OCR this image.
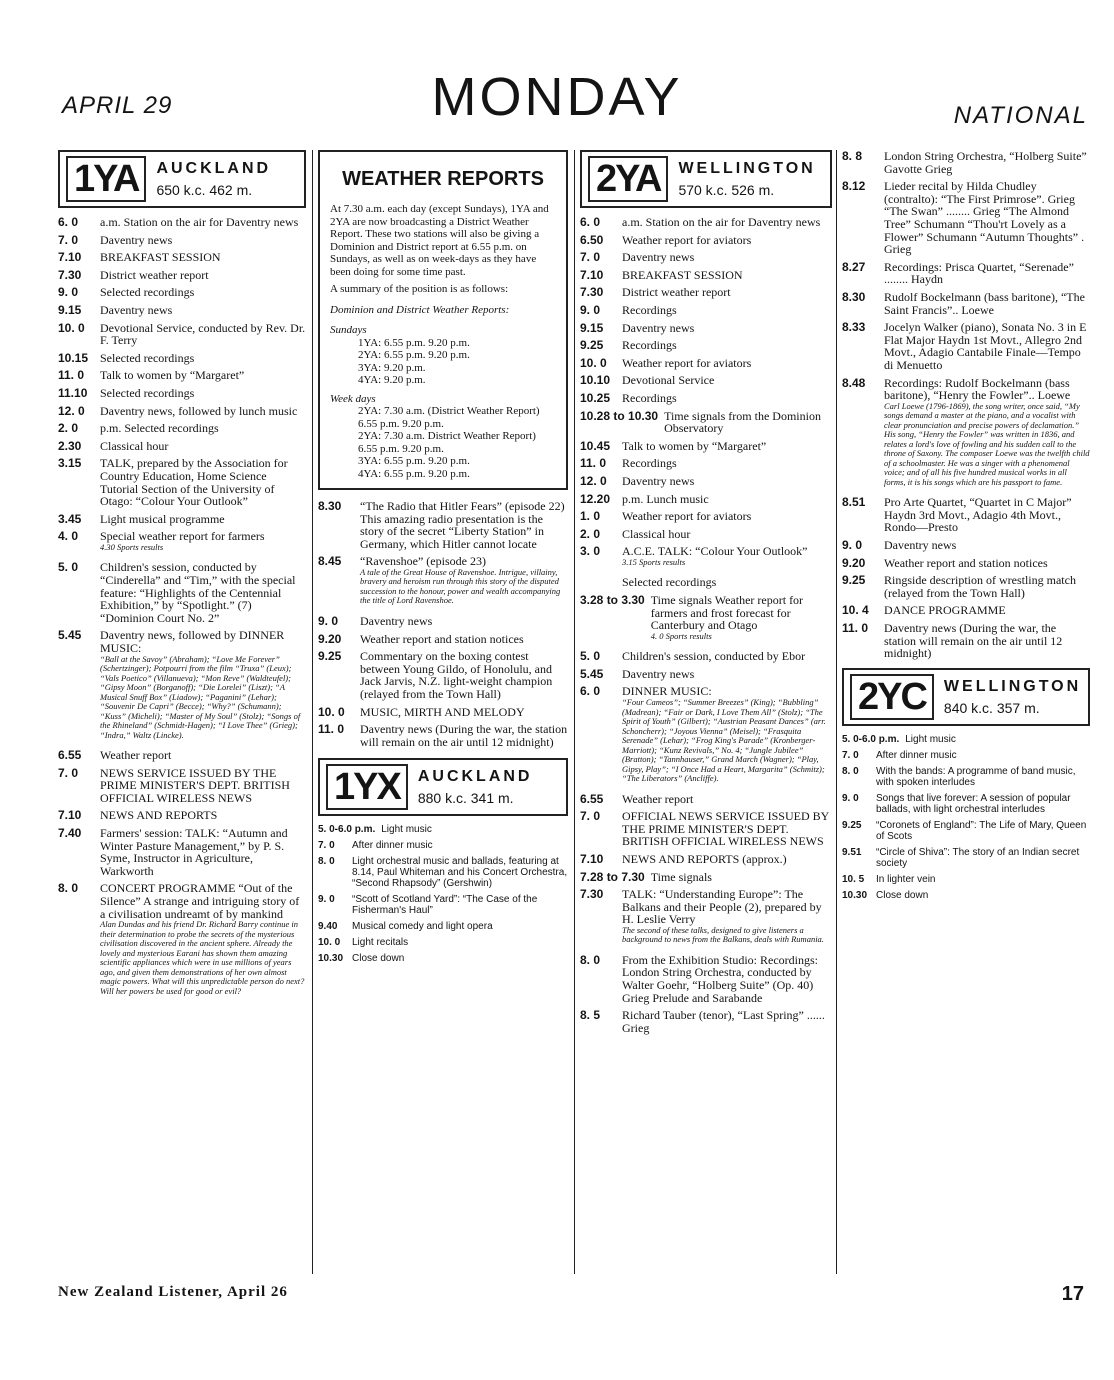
APRIL 29	MONDAY	NATIONAL
1YA	AUCKLAND
650 k.c. 462 m.
6. 0	a.m. Station on the air for Daventry news
7. 0	Daventry news
7.10	BREAKFAST SESSION
7.30	District weather report
9. 0	Selected recordings
9.15	Daventry news
10. 0	Devotional Service, conducted by Rev. Dr. F. Terry
10.15 Selected recordings
11. 0	Talk to women by “Margaret”
11.10	Selected recordings
12. 0	Daventry news, followed by lunch music
2. 0	p.m. Selected recordings
2.30	Classical hour
3.15	TALK, prepared by the Association for Country Education, Home Science Tutorial Section of the University of Otago: “Colour Your Outlook”
3.45	Light musical programme
4. 0	Special weather report for farmers
4.30 Sports results
5. 0	Children's session, conducted by “Cinderella” and “Tim,” with the special feature: “Highlights of the Centennial Exhibition,” by “Spotlight.” (7) “Dominion Court No. 2”
5.45	Daventry news, followed by DINNER MUSIC:
“Ball at the Savoy” (Abraham); “Love Me Forever” (Schertzinger); Potpourri from the film “Truxa” (Leux); “Vals Poetico” (Villanueva); “Mon Reve” (Waldteufel); “Gipsy Moon” (Borganoff); “Die Lorelei” (Liszt); “A Musical Snuff Box” (Liadow); “Paganini” (Lehar); “Souvenir De Capri” (Becce); “Why?” (Schumann); “Kuss” (Micheli); “Master of My Soul” (Stolz); “Songs of the Rhineland” (Schmidt-Hagen); “I Love Thee” (Grieg); “Indra,” Waltz (Lincke).
6.55	Weather report
7. 0	NEWS SERVICE ISSUED BY THE PRIME MINISTER'S DEPT. BRITISH OFFICIAL WIRELESS NEWS
7.10	NEWS AND REPORTS
7.40	Farmers' session: TALK: “Autumn and Winter Pasture Management,” by P. S. Syme, Instructor in Agriculture, Warkworth
8. 0	CONCERT PROGRAMME “Out of the Silence” A strange and intriguing story of a civilisation undreamt of by mankind
Alan Dundas and his friend Dr. Richard Barry continue in their determination to probe the secrets of the mysterious civilisation discovered in the ancient sphere. Already the lovely and mysterious Earani has shown them amazing scientific appliances which were in use millions of years ago, and given them demonstrations of her own almost magic powers. What will this unpredictable person do next? Will her powers be used for good or evil?
WEATHER REPORTS

At 7.30 a.m. each day (except Sundays), 1YA and 2YA are now broadcasting a District Weather Report. These two stations will also be giving a Dominion and District report at 6.55 p.m. on Sundays, as well as on week-days as they have been doing for some time past.

A summary of the position is as follows:

Dominion and District Weather Reports:

Sundays

1YA: 6.55 p.m. 9.20 p.m.
2YA: 6.55 p.m. 9.20 p.m.
3YA: 9.20 p.m.
4YA: 9.20 p.m.

Week days

2YA: 7.30 a.m. (District Weather Report)
6.55 p.m. 9.20 p.m.
2YA: 7.30 a.m. District Weather Report)
6.55 p.m. 9.20 p.m.
3YA: 6.55 p.m. 9.20 p.m.
4YA: 6.55 p.m. 9.20 p.m.
8.30	“The Radio that Hitler Fears” (episode 22) This amazing radio presentation is the story of the secret “Liberty Station” in Germany, which Hitler cannot locate
8.45	“Ravenshoe” (episode 23)
A tale of the Great House of Ravenshoe. Intrigue, villainy, bravery and heroism run through this story of the disputed succession to the honour, power and wealth accompanying the title of Lord Ravenshoe.
9. 0	Daventry news
9.20	Weather report and station notices
9.25	Commentary on the boxing contest between Young Gildo, of Honolulu, and Jack Jarvis, N.Z. light-weight champion (relayed from the Town Hall)
10. 0	MUSIC, MIRTH AND MELODY
11. 0	Daventry news (During the war, the station will remain on the air until 12 midnight)
1YX	AUCKLAND
880 k.c. 341 m.
5. 0-6.0 p.m. Light music
7. 0	After dinner music
8. 0	Light orchestral music and ballads, featuring at 8.14, Paul Whiteman and his Concert Orchestra, “Second Rhapsody” (Gershwin)
9. 0	“Scott of Scotland Yard”: “The Case of the Fisherman's Haul”
9.40	Musical comedy and light opera
10. 0	Light recitals
10.30 Close down
2YA	WELLINGTON
570 k.c. 526 m.
6. 0	a.m. Station on the air for Daventry news
6.50	Weather report for aviators
7. 0	Daventry news
7.10	BREAKFAST SESSION
7.30	District weather report
9. 0	Recordings
9.15	Daventry news
9.25	Recordings
10. 0	Weather report for aviators
10.10 Devotional Service
10.25 Recordings
10.28 to 10.30 Time signals from the Dominion Observatory
10.45 Talk to women by “Margaret”
11. 0	Recordings
12. 0	Daventry news
12.20 p.m. Lunch music
1. 0	Weather report for aviators
2. 0	Classical hour
3. 0	A.C.E. TALK: “Colour Your Outlook”
3.15 Sports results
Selected recordings
3.28 to 3.30 Time signals Weather report for farmers and frost forecast for Canterbury and Otago
4. 0 Sports results
5. 0	Children's session, conducted by Ebor
5.45	Daventry news
6. 0	DINNER MUSIC:
“Four Cameos”; “Summer Breezes” (King); “Bubbling” (Madrean); “Fair or Dark, I Love Them All” (Stolz); “The Spirit of Youth” (Gilbert); “Austrian Peasant Dances” (arr. Schoncherr); “Joyous Vienna” (Meisel); “Frasquita Serenade” (Lehar); “Frog King's Parade” (Kronberger-Marriott); “Kunz Revivals,” No. 4; “Jungle Jubilee” (Bratton); “Tannhauser,” Grand March (Wagner); “Play, Gipsy, Play”; “I Once Had a Heart, Margarita” (Schmitz); “The Liberators” (Ancliffe).
6.55	Weather report
7. 0	OFFICIAL NEWS SERVICE ISSUED BY THE PRIME MINISTER'S DEPT. BRITISH OFFICIAL WIRELESS NEWS
7.10	NEWS AND REPORTS (approx.)
7.28 to 7.30 Time signals
7.30	TALK: “Understanding Europe”: The Balkans and their People (2), prepared by H. Leslie Verry
The second of these talks, designed to give listeners a background to news from the Balkans, deals with Rumania.
8. 0	From the Exhibition Studio: Recordings: London String Orchestra, conducted by Walter Goehr, “Holberg Suite” (Op. 40) Grieg Prelude and Sarabande
8. 5	Richard Tauber (tenor), “Last Spring” ...... Grieg
8. 8	London String Orchestra, “Holberg Suite” Gavotte Grieg
8.12	Lieder recital by Hilda Chudley (contralto): “The First Primrose”. Grieg “The Swan” ........ Grieg “The Almond Tree” Schumann “Thou'rt Lovely as a Flower” Schumann “Autumn Thoughts” . Grieg
8.27	Recordings: Prisca Quartet, “Serenade” ........ Haydn
8.30	Rudolf Bockelmann (bass baritone), “The Saint Francis”.. Loewe
8.33	Jocelyn Walker (piano), Sonata No. 3 in E Flat Major Haydn 1st Movt., Allegro 2nd Movt., Adagio Cantabile Finale—Tempo di Menuetto
8.48	Recordings: Rudolf Bockelmann (bass baritone), “Henry the Fowler”.. Loewe
Carl Loewe (1796-1869), the song writer, once said, “My songs demand a master at the piano, and a vocalist with clear pronunciation and precise powers of declamation.” His song, “Henry the Fowler” was written in 1836, and relates a lord's love of fowling and his sudden call to the throne of Saxony. The composer Loewe was the twelfth child of a schoolmaster. He was a singer with a phenomenal voice; and of all his five hundred musical works in all forms, it is his songs which are his passport to fame.
8.51	Pro Arte Quartet, “Quartet in C Major” Haydn 3rd Movt., Adagio 4th Movt., Rondo—Presto
9. 0	Daventry news
9.20	Weather report and station notices
9.25	Ringside description of wrestling match (relayed from the Town Hall)
10. 4	DANCE PROGRAMME
11. 0	Daventry news (During the war, the station will remain on the air until 12 midnight)
2YC	WELLINGTON
840 k.c. 357 m.
5. 0-6.0 p.m. Light music
7. 0	After dinner music
8. 0	With the bands: A programme of band music, with spoken interludes
9. 0	Songs that live forever: A session of popular ballads, with light orchestral interludes
9.25	“Coronets of England”: The Life of Mary, Queen of Scots
9.51	“Circle of Shiva”: The story of an Indian secret society
10. 5	In lighter vein
10.30 Close down
New Zealand Listener, April 26	17
